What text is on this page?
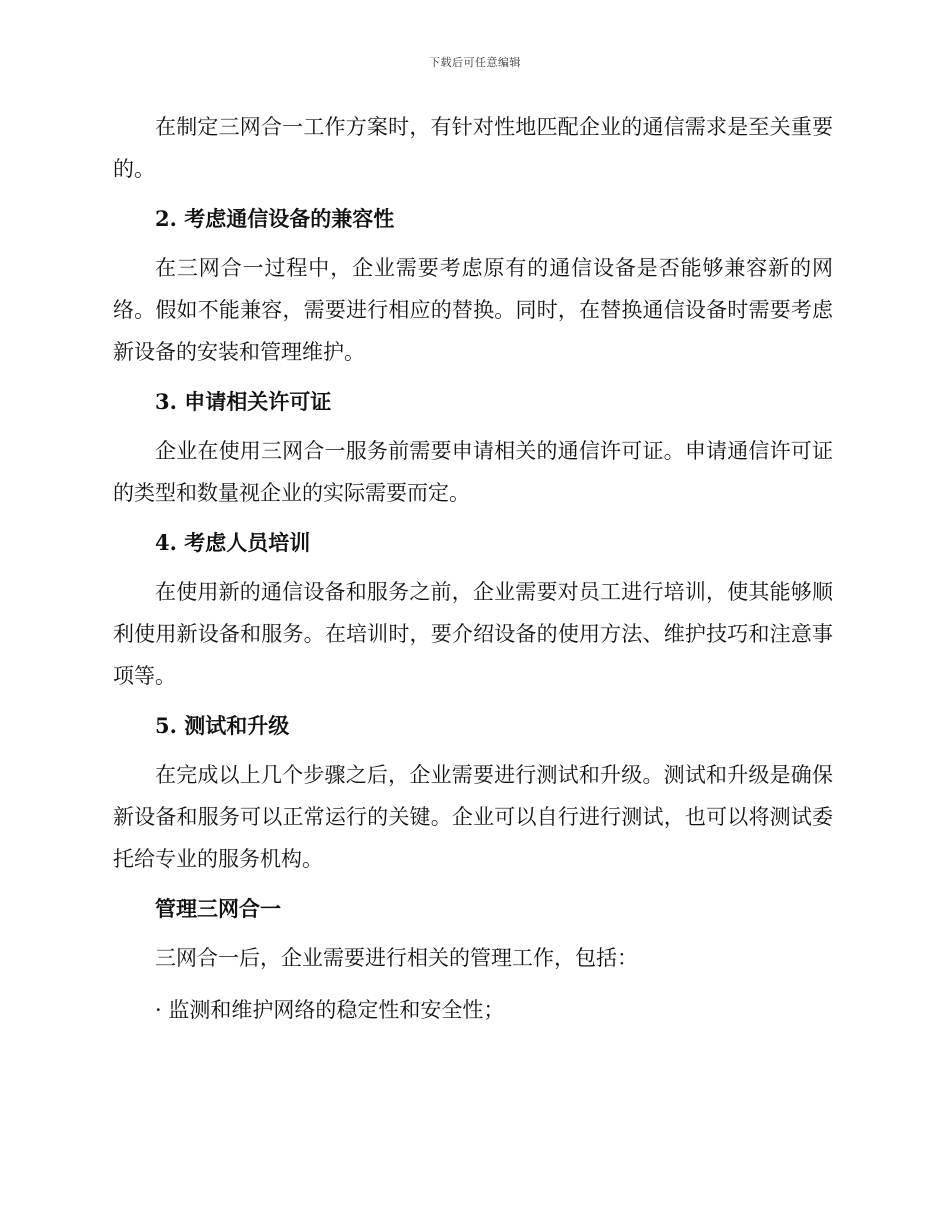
下载后可任意编辑

在制定三网合一工作方案时，有针对性地匹配企业的通信需求是至关重要的。

2. 考虑通信设备的兼容性

在三网合一过程中，企业需要考虑原有的通信设备是否能够兼容新的网络。假如不能兼容，需要进行相应的替换。同时，在替换通信设备时需要考虑新设备的安装和管理维护。

3. 申请相关许可证

企业在使用三网合一服务前需要申请相关的通信许可证。申请通信许可证的类型和数量视企业的实际需要而定。

4. 考虑人员培训

在使用新的通信设备和服务之前，企业需要对员工进行培训，使其能够顺利使用新设备和服务。在培训时，要介绍设备的使用方法、维护技巧和注意事项等。

5. 测试和升级

在完成以上几个步骤之后，企业需要进行测试和升级。测试和升级是确保新设备和服务可以正常运行的关键。企业可以自行进行测试，也可以将测试委托给专业的服务机构。

管理三网合一

三网合一后，企业需要进行相关的管理工作，包括：

· 监测和维护网络的稳定性和安全性；
